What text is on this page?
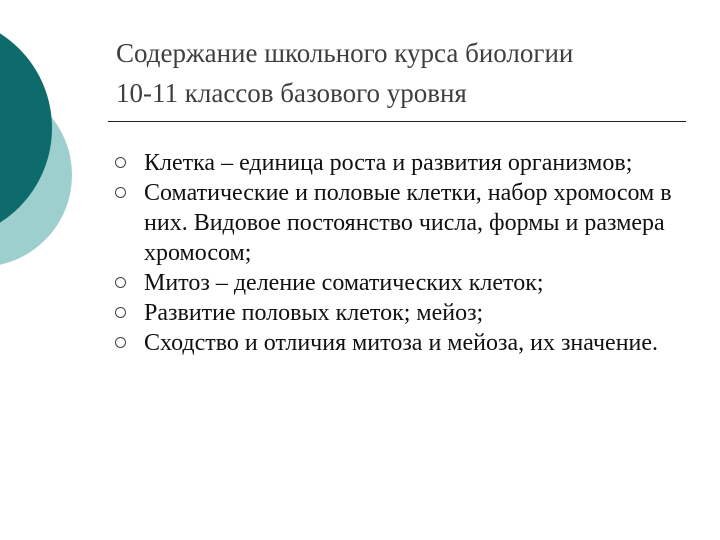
Содержание школьного курса биологии
10-11 классов базового уровня
Клетка – единица роста и развития организмов;
Соматические и половые клетки, набор хромосом в них. Видовое постоянство числа, формы и размера хромосом;
Митоз – деление соматических клеток;
Развитие половых клеток; мейоз;
Сходство и отличия митоза и мейоза, их значение.
